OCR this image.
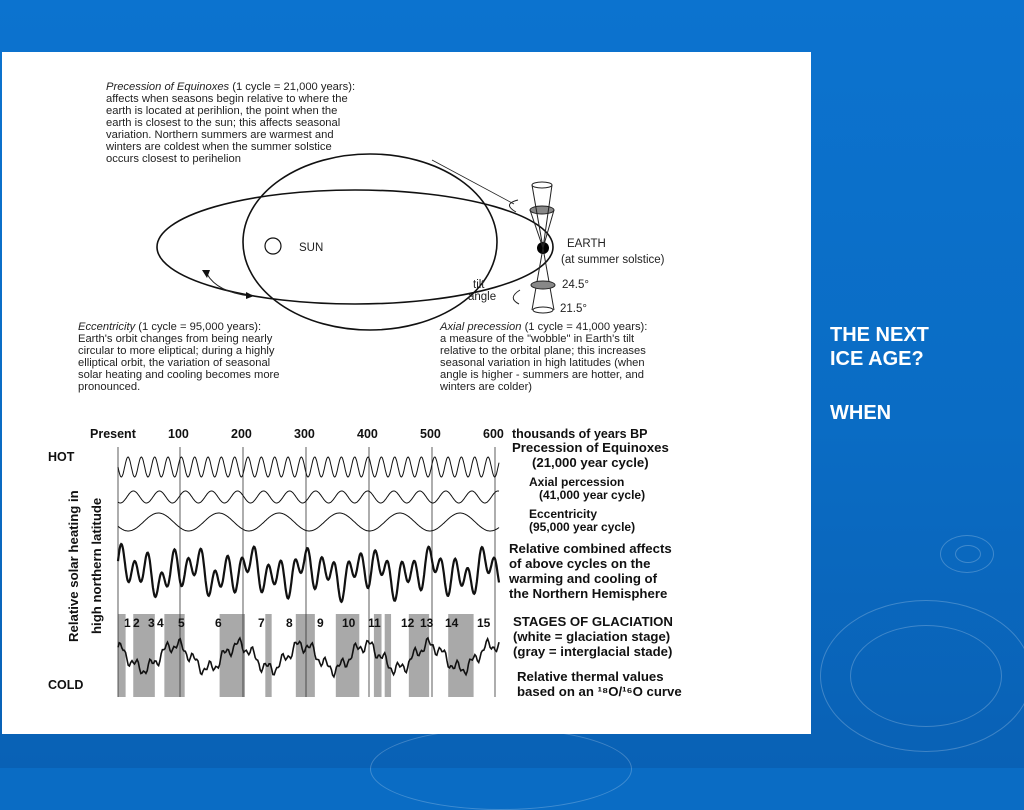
Precession of Equinoxes (1 cycle = 21,000 years):
affects when seasons begin relative to where the
earth is located at perihlion, the point when the
earth is closest to the sun; this affects seasonal
variation. Northern summers are warmest and
winters are coldest when the summer solstice
occurs closest to perihelion
SUN	EARTH
(at summer solstice)
tilt
angle
24.5°
21.5°
Eccentricity (1 cycle = 95,000 years):
Earth's orbit changes from being nearly
circular to more eliptical; during a highly
elliptical orbit, the variation of seasonal
solar heating and cooling becomes more
pronounced.
Axial precession (1 cycle = 41,000 years):
a measure of the "wobble" in Earth's tilt
relative to the orbital plane; this increases
seasonal variation in high latitudes (when
angle is higher - summers are hotter, and
winters are colder)
Present	100	200	300	400	500	600 thousands of years BP
HOT
COLD
Relative solar heating in high northern latitude
Precession of Equinoxes
(21,000 year cycle)
Axial percession
(41,000 year cycle)
Eccentricity
(95,000 year cycle)
Relative combined affects
of above cycles on the
warming and cooling of
the Northern Hemisphere
STAGES OF GLACIATION
(white = glaciation stage)
(gray = interglacial stade)
Relative thermal values
based on an ¹⁸O/¹⁶O curve
1 2 3 4 5	6	7 8 9 10 11 12 13 14 15
THE NEXT
ICE AGE?
WHEN
